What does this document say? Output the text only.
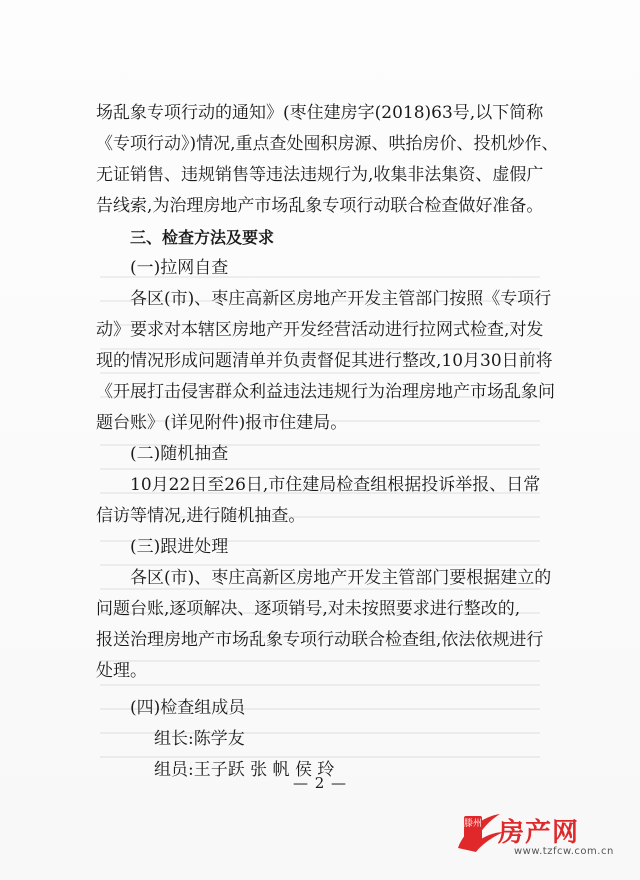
场乱象专项行动的通知》(枣住建房字(2018)63号,以下简称
《专项行动》)情况,重点查处囤积房源、哄抬房价、投机炒作、
无证销售、违规销售等违法违规行为,收集非法集资、虚假广
告线索,为治理房地产市场乱象专项行动联合检查做好准备。
三、检查方法及要求
(一)拉网自查
各区(市)、枣庄高新区房地产开发主管部门按照《专项行
动》要求对本辖区房地产开发经营活动进行拉网式检查,对发
现的情况形成问题清单并负责督促其进行整改,10月30日前将
《开展打击侵害群众利益违法违规行为治理房地产市场乱象问
题台账》(详见附件)报市住建局。
(二)随机抽查
10月22日至26日,市住建局检查组根据投诉举报、日常
信访等情况,进行随机抽查。
(三)跟进处理
各区(市)、枣庄高新区房地产开发主管部门要根据建立的
问题台账,逐项解决、逐项销号,对未按照要求进行整改的,
报送治理房地产市场乱象专项行动联合检查组,依法依规进行
处理。
(四)检查组成员
组长:陈学友
组员:王子跃 张 帆 侯 玲
— 2 —
滕州 房产网
www.tzfcw.com.cn
